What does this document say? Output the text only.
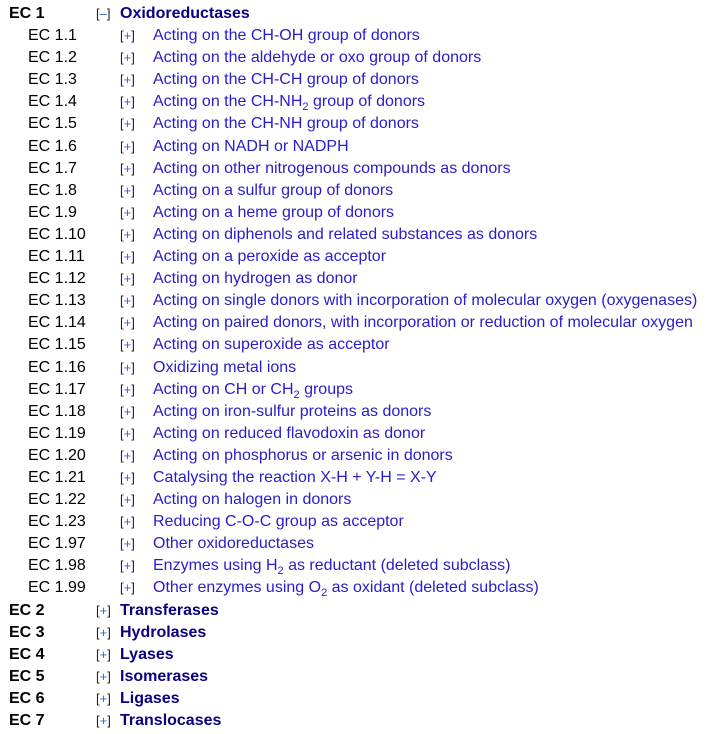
EC 1	[–] Oxidoreductases
EC 1.1	[+] Acting on the CH-OH group of donors
EC 1.2	[+] Acting on the aldehyde or oxo group of donors
EC 1.3	[+] Acting on the CH-CH group of donors
EC 1.4	[+] Acting on the $CH-NH_2$ group of donors
EC 1.5	[+] Acting on the CH-NH group of donors
EC 1.6	[+] Acting on NADH or NADPH
EC 1.7	[+] Acting on other nitrogenous compounds as donors
EC 1.8	[+] Acting on a sulfur group of donors
EC 1.9	[+] Acting on a heme group of donors
EC 1.10	[+] Acting on diphenols and related substances as donors
EC 1.11	[+] Acting on a peroxide as acceptor
EC 1.12	[+] Acting on hydrogen as donor
EC 1.13	[+] Acting on single donors with incorporation of molecular oxygen (oxygenases)
EC 1.14	[+] Acting on paired donors, with incorporation or reduction of molecular oxygen
EC 1.15	[+] Acting on superoxide as acceptor
EC 1.16	[+] Oxidizing metal ions
EC 1.17	[+] Acting on CH or $CH_2$ groups
EC 1.18	[+] Acting on iron-sulfur proteins as donors
EC 1.19	[+] Acting on reduced flavodoxin as donor
EC 1.20	[+] Acting on phosphorus or arsenic in donors
EC 1.21	[+] Catalysing the reaction X-H + Y-H = X-Y
EC 1.22	[+] Acting on halogen in donors
EC 1.23	[+] Reducing C-O-C group as acceptor
EC 1.97	[+] Other oxidoreductases
EC 1.98	[+] Enzymes using $H_2$ as reductant (deleted subclass)
EC 1.99	[+] Other enzymes using $O_2$ as oxidant (deleted subclass)
EC 2	[+] Transferases
EC 3	[+] Hydrolases
EC 4	[+] Lyases
EC 5	[+] Isomerases
EC 6	[+] Ligases
EC 7	[+] Translocases
